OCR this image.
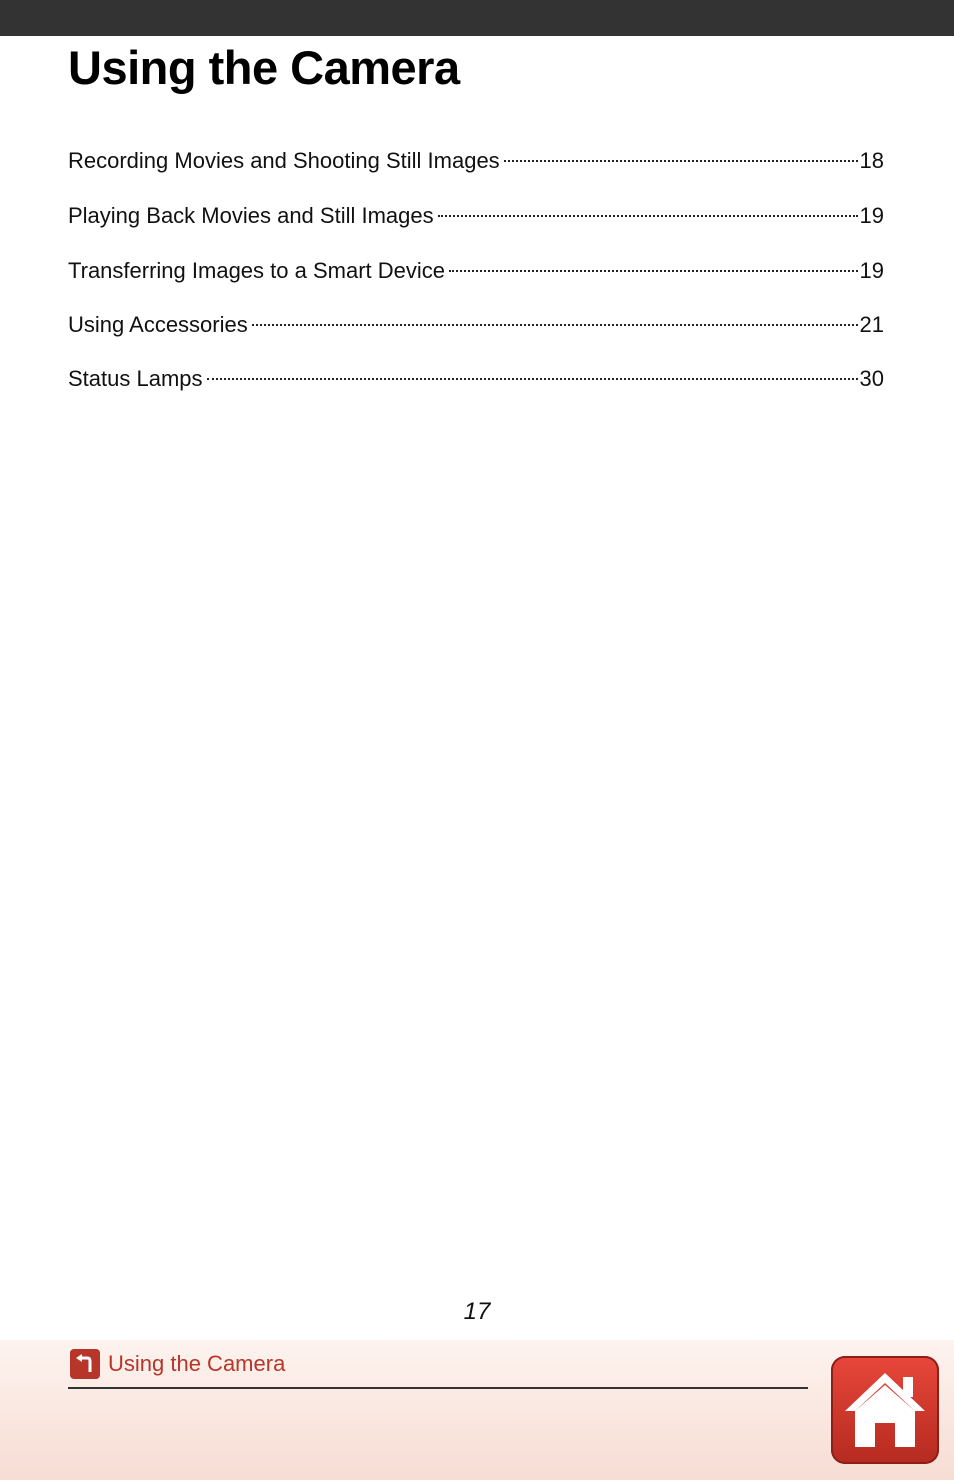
Using the Camera
Recording Movies and Shooting Still Images	18
Playing Back Movies and Still Images	19
Transferring Images to a Smart Device	19
Using Accessories	21
Status Lamps	30
17
Using the Camera
